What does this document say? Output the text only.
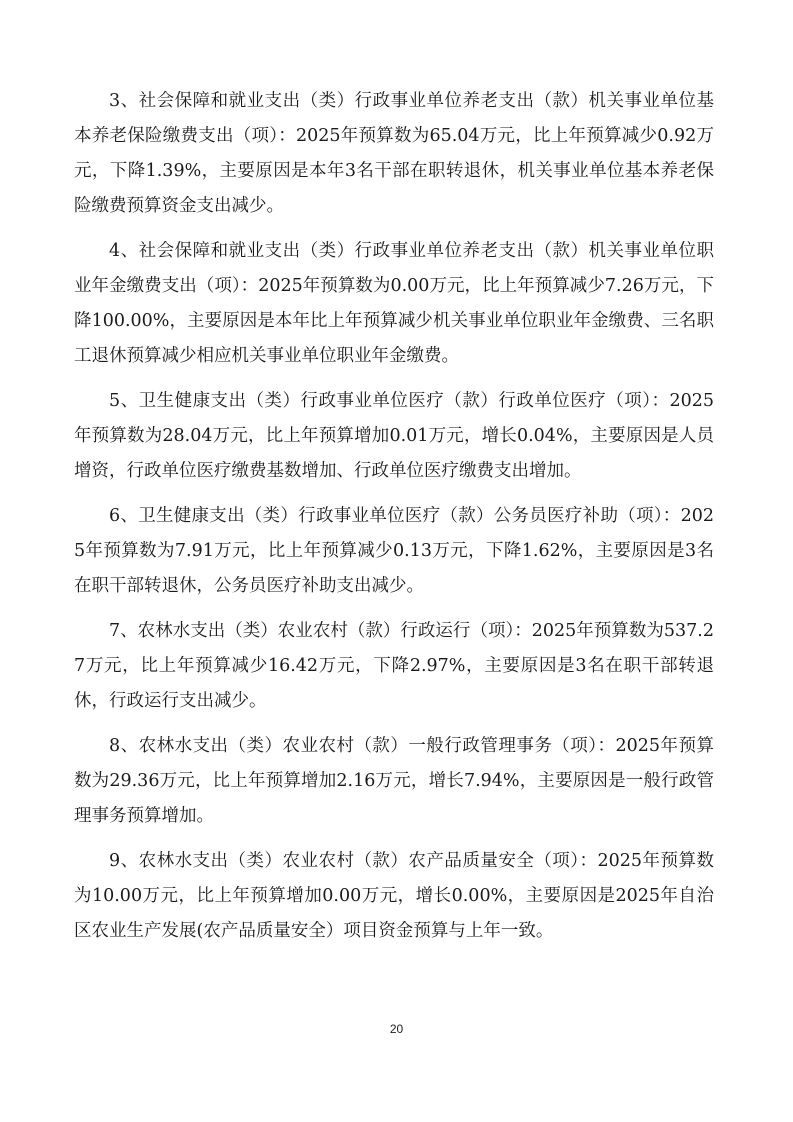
3、社会保障和就业支出（类）行政事业单位养老支出（款）机关事业单位基本养老保险缴费支出（项）：2025年预算数为65.04万元，比上年预算减少0.92万元，下降1.39%，主要原因是本年3名干部在职转退休，机关事业单位基本养老保险缴费预算资金支出减少。

4、社会保障和就业支出（类）行政事业单位养老支出（款）机关事业单位职业年金缴费支出（项）：2025年预算数为0.00万元，比上年预算减少7.26万元，下降100.00%，主要原因是本年比上年预算减少机关事业单位职业年金缴费、三名职工退休预算减少相应机关事业单位职业年金缴费。

5、卫生健康支出（类）行政事业单位医疗（款）行政单位医疗（项）：2025年预算数为28.04万元，比上年预算增加0.01万元，增长0.04%，主要原因是人员增资，行政单位医疗缴费基数增加、行政单位医疗缴费支出增加。

6、卫生健康支出（类）行政事业单位医疗（款）公务员医疗补助（项）：2025年预算数为7.91万元，比上年预算减少0.13万元，下降1.62%，主要原因是3名在职干部转退休，公务员医疗补助支出减少。

7、农林水支出（类）农业农村（款）行政运行（项）：2025年预算数为537.27万元，比上年预算减少16.42万元，下降2.97%，主要原因是3名在职干部转退休，行政运行支出减少。

8、农林水支出（类）农业农村（款）一般行政管理事务（项）：2025年预算数为29.36万元，比上年预算增加2.16万元，增长7.94%，主要原因是一般行政管理事务预算增加。

9、农林水支出（类）农业农村（款）农产品质量安全（项）：2025年预算数为10.00万元，比上年预算增加0.00万元，增长0.00%，主要原因是2025年自治区农业生产发展(农产品质量安全）项目资金预算与上年一致。

20
